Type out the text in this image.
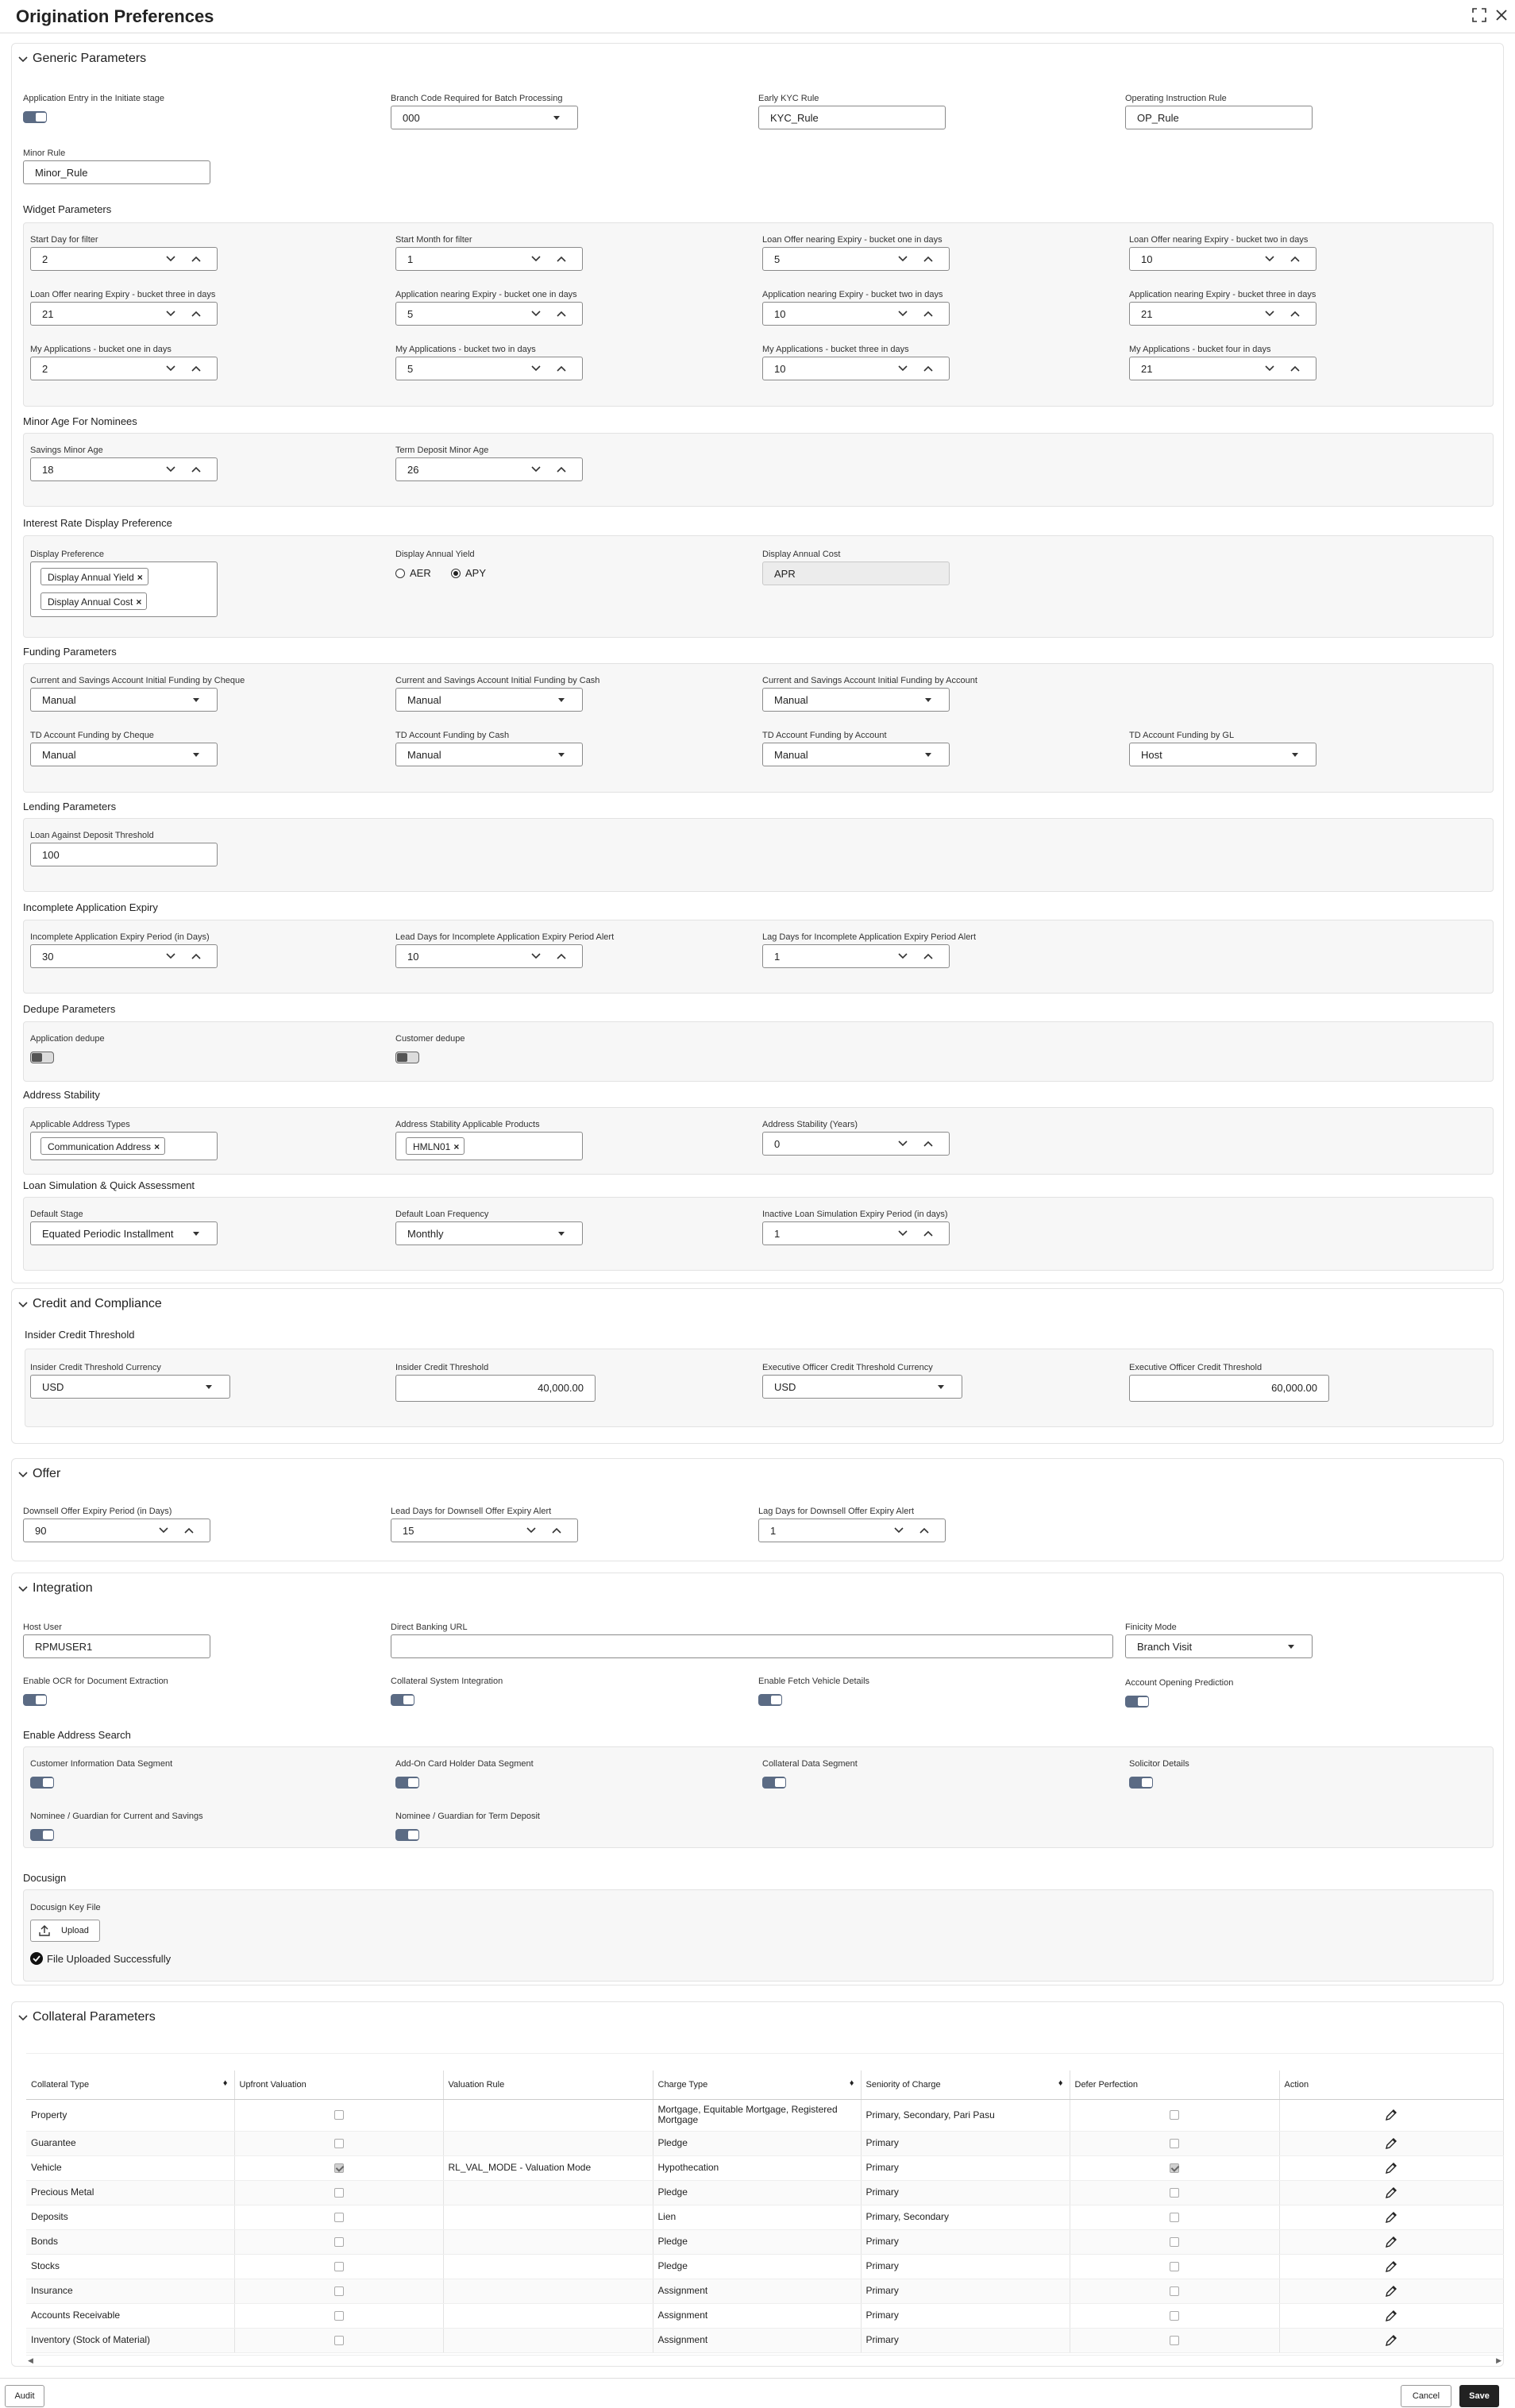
Origination Preferences
Generic Parameters
Application Entry in the Initiate stage	Branch Code Required for Batch Processing
000
Early KYC Rule
KYC_Rule
Operating Instruction Rule
OP_Rule
Minor Rule
Minor_Rule
Widget Parameters
Start Day for filter
2
Start Month for filter
1
Loan Offer nearing Expiry - bucket one in days
5
Loan Offer nearing Expiry - bucket two in days
10
Loan Offer nearing Expiry - bucket three in days
21
Application nearing Expiry - bucket one in days
5
Application nearing Expiry - bucket two in days
10
Application nearing Expiry - bucket three in days
21
My Applications - bucket one in days
2
My Applications - bucket two in days
5
My Applications - bucket three in days
10
My Applications - bucket four in days
21
Minor Age For Nominees
Savings Minor Age
18
Term Deposit Minor Age
26
Interest Rate Display Preference
Display Preference
Display Annual Yield ×
Display Annual Cost ×
Display Annual Yield
AER	APY
Display Annual Cost
APR
Funding Parameters
Current and Savings Account Initial Funding by Cheque
Manual
Current and Savings Account Initial Funding by Cash
Manual
Current and Savings Account Initial Funding by Account
Manual
TD Account Funding by Cheque
Manual
TD Account Funding by Cash
Manual
TD Account Funding by Account
Manual
TD Account Funding by GL
Host
Lending Parameters
Loan Against Deposit Threshold
100
Incomplete Application Expiry
Incomplete Application Expiry Period (in Days)
30
Lead Days for Incomplete Application Expiry Period Alert
10
Lag Days for Incomplete Application Expiry Period Alert
1
Dedupe Parameters
Application dedupe	Customer dedupe
Address Stability
Applicable Address Types
Communication Address ×
Address Stability Applicable Products
HMLN01 ×
Address Stability (Years)
0
Loan Simulation & Quick Assessment
Default Stage
Equated Periodic Installment
Default Loan Frequency
Monthly
Inactive Loan Simulation Expiry Period (in days)
1
Credit and Compliance
Insider Credit Threshold
Insider Credit Threshold Currency
USD
Insider Credit Threshold
40,000.00
Executive Officer Credit Threshold Currency
USD
Executive Officer Credit Threshold
60,000.00
Offer
Downsell Offer Expiry Period (in Days)
90
Lead Days for Downsell Offer Expiry Alert
15
Lag Days for Downsell Offer Expiry Alert
1
Integration
Host User
RPMUSER1
Direct Banking URL	Finicity Mode
Branch Visit
Enable OCR for Document Extraction	Collateral System Integration	Enable Fetch Vehicle Details	Account Opening Prediction
Enable Address Search
Customer Information Data Segment	Add-On Card Holder Data Segment	Collateral Data Segment	Solicitor Details
Nominee / Guardian for Current and Savings	Nominee / Guardian for Term Deposit
Docusign
Docusign Key File
Upload
File Uploaded Successfully
Collateral Parameters
Collateral Type ♦	Upfront Valuation	Valuation Rule	Charge Type ♦	Seniority of Charge ♦	Defer Perfection	Action
Property			Mortgage, Equitable Mortgage, Registered Mortgage	Primary, Secondary, Pari Pasu		
Guarantee			Pledge	Primary		
Vehicle		RL_VAL_MODE - Valuation Mode	Hypothecation	Primary		
Precious Metal			Pledge	Primary		
Deposits			Lien	Primary, Secondary		
Bonds			Pledge	Primary		
Stocks			Pledge	Primary		
Insurance			Assignment	Primary		
Accounts Receivable			Assignment	Primary		
Inventory (Stock of Material)			Assignment	Primary		
◀	▶
Audit	Cancel	Save
